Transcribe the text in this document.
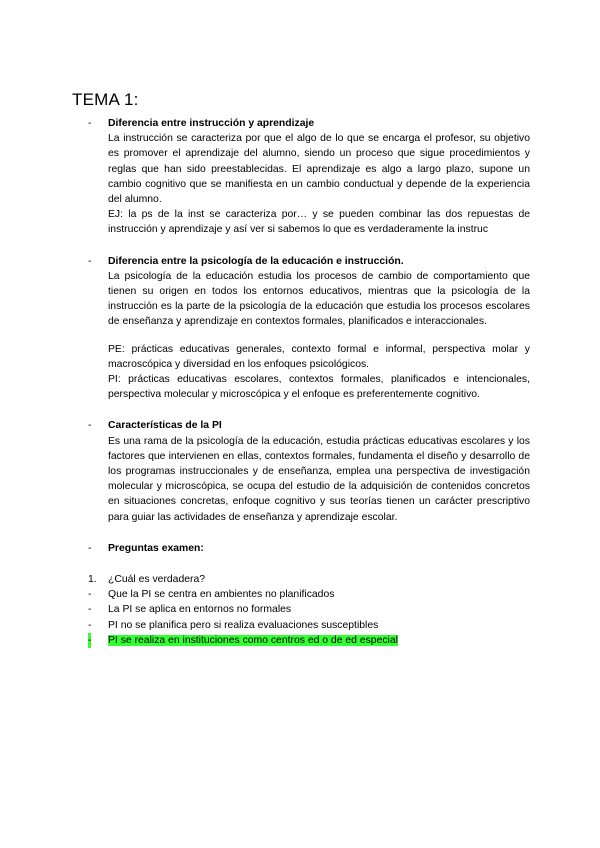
TEMA 1:
- Diferencia entre instrucción y aprendizaje

La instrucción se caracteriza por que el algo de lo que se encarga el profesor, su objetivo es promover el aprendizaje del alumno, siendo un proceso que sigue procedimientos y reglas que han sido preestablecidas. El aprendizaje es algo a largo plazo, supone un cambio cognitivo que se manifiesta en un cambio conductual y depende de la experiencia del alumno.

EJ: la ps de la inst se caracteriza por… y se pueden combinar las dos repuestas de instrucción y aprendizaje y así ver si sabemos lo que es verdaderamente la instruc

- Diferencia entre la psicología de la educación e instrucción.

La psicología de la educación estudia los procesos de cambio de comportamiento que tienen su origen en todos los entornos educativos, mientras que la psicología de la instrucción es la parte de la psicología de la educación que estudia los procesos escolares de enseñanza y aprendizaje en contextos formales, planificados e interaccionales.

PE: prácticas educativas generales, contexto formal e informal, perspectiva molar y macroscópica y diversidad en los enfoques psicológicos.

PI: prácticas educativas escolares, contextos formales, planificados e intencionales, perspectiva molecular y microscópica y el enfoque es preferentemente cognitivo.

- Características de la PI

Es una rama de la psicología de la educación, estudia prácticas educativas escolares y los factores que intervienen en ellas, contextos formales, fundamenta el diseño y desarrollo de los programas instruccionales y de enseñanza, emplea una perspectiva de investigación molecular y microscópica, se ocupa del estudio de la adquisición de contenidos concretos en situaciones concretas, enfoque cognitivo y sus teorías tienen un carácter prescriptivo para guiar las actividades de enseñanza y aprendizaje escolar.

- Preguntas examen:

1. ¿Cuál es verdadera?

- Que la PI se centra en ambientes no planificados

- La PI se aplica en entornos no formales

- PI no se planifica pero si realiza evaluaciones susceptibles

- PI se realiza en instituciones como centros ed o de ed especial
